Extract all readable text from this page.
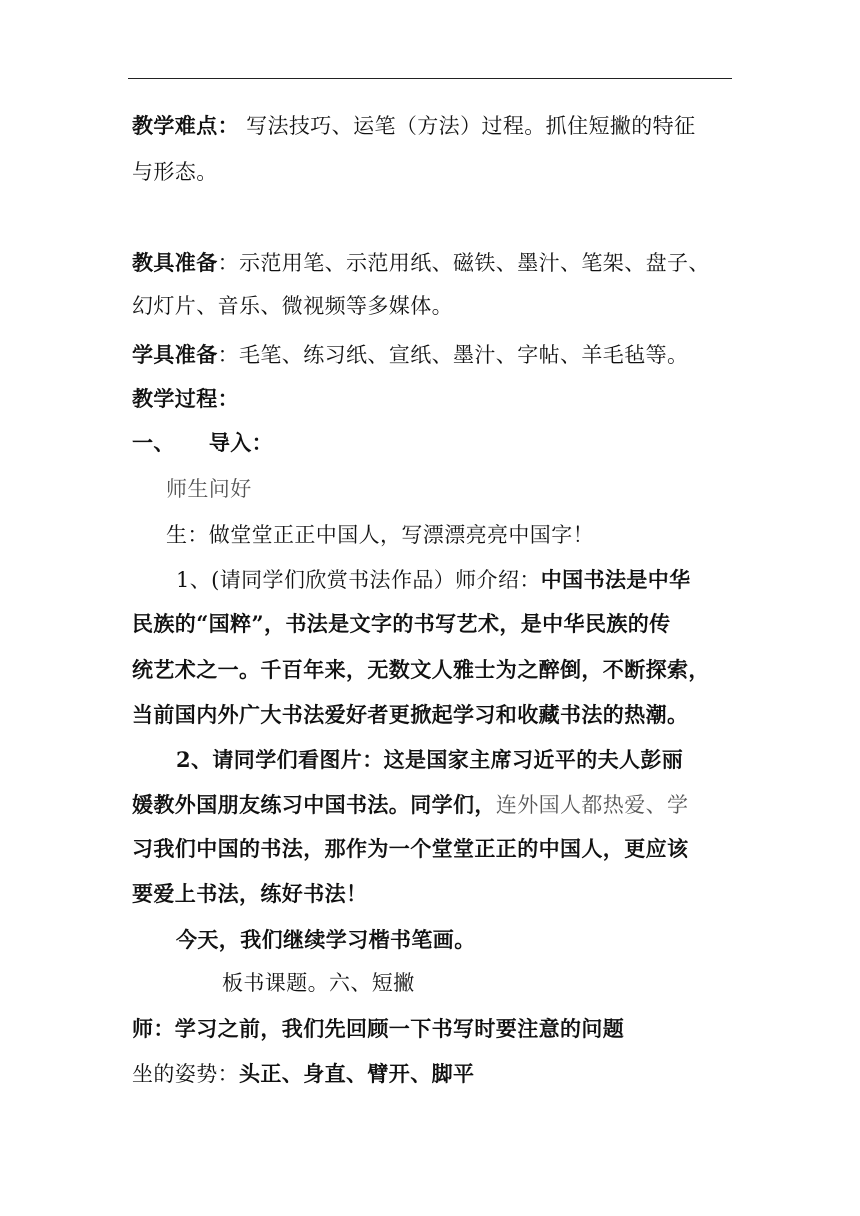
教学难点： 写法技巧、运笔（方法）过程。抓住短撇的特征
与形态。
教具准备：示范用笔、示范用纸、磁铁、墨汁、笔架、盘子、
幻灯片、音乐、微视频等多媒体。
学具准备：毛笔、练习纸、宣纸、墨汁、字帖、羊毛毡等。
教学过程：
一、 导入：
师生问好
生：做堂堂正正中国人，写漂漂亮亮中国字！
1、(请同学们欣赏书法作品）师介绍：中国书法是中华
民族的“国粹”，书法是文字的书写艺术，是中华民族的传
统艺术之一。千百年来，无数文人雅士为之醉倒，不断探索，
当前国内外广大书法爱好者更掀起学习和收藏书法的热潮。
2、请同学们看图片：这是国家主席习近平的夫人彭丽
媛教外国朋友练习中国书法。同学们，连外国人都热爱、学
习我们中国的书法，那作为一个堂堂正正的中国人，更应该
要爱上书法，练好书法！
今天，我们继续学习楷书笔画。
板书课题。六、短撇
师：学习之前，我们先回顾一下书写时要注意的问题
坐的姿势：头正、身直、臂开、脚平
